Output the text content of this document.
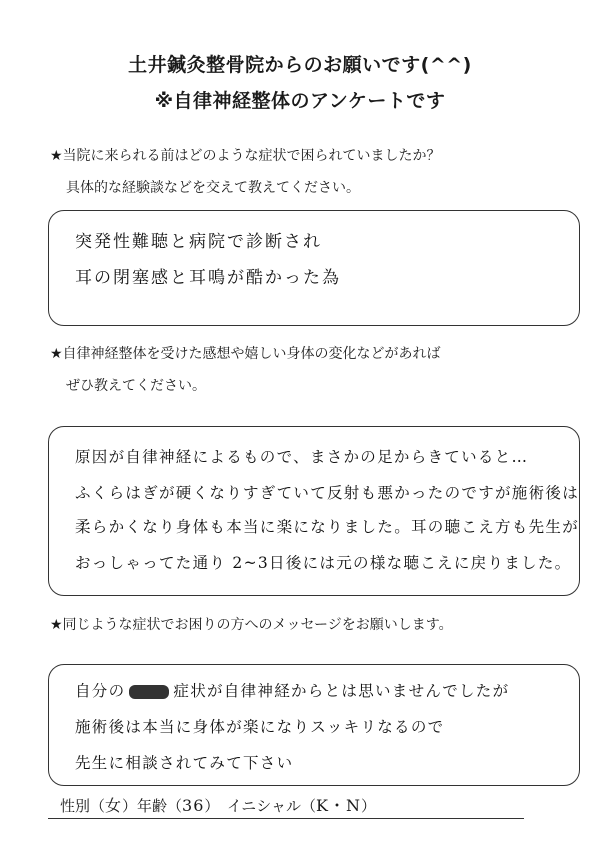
土井鍼灸整骨院からのお願いです(^^)
※自律神経整体のアンケートです
★当院に来られる前はどのような症状で困られていましたか？
具体的な経験談などを交えて教えてください。
突発性難聴と病院で診断され
耳の閉塞感と耳鳴が酷かった為
★自律神経整体を受けた感想や嬉しい身体の変化などがあれば
ぜひ教えてください。
原因が自律神経によるもので、まさかの足からきていると…
ふくらはぎが硬くなりすぎていて反射も悪かったのですが施術後は
柔らかくなり身体も本当に楽になりました。耳の聴こえ方も先生が
おっしゃってた通り 2~3日後には元の様な聴こえに戻りました。
★同じような症状でお困りの方へのメッセージをお願いします。
自分の	症状が自律神経からとは思いませんでしたが
施術後は本当に身体が楽になりスッキリなるので
先生に相談されてみて下さい
性別（女）年齢（36）　イニシャル（K・N）
